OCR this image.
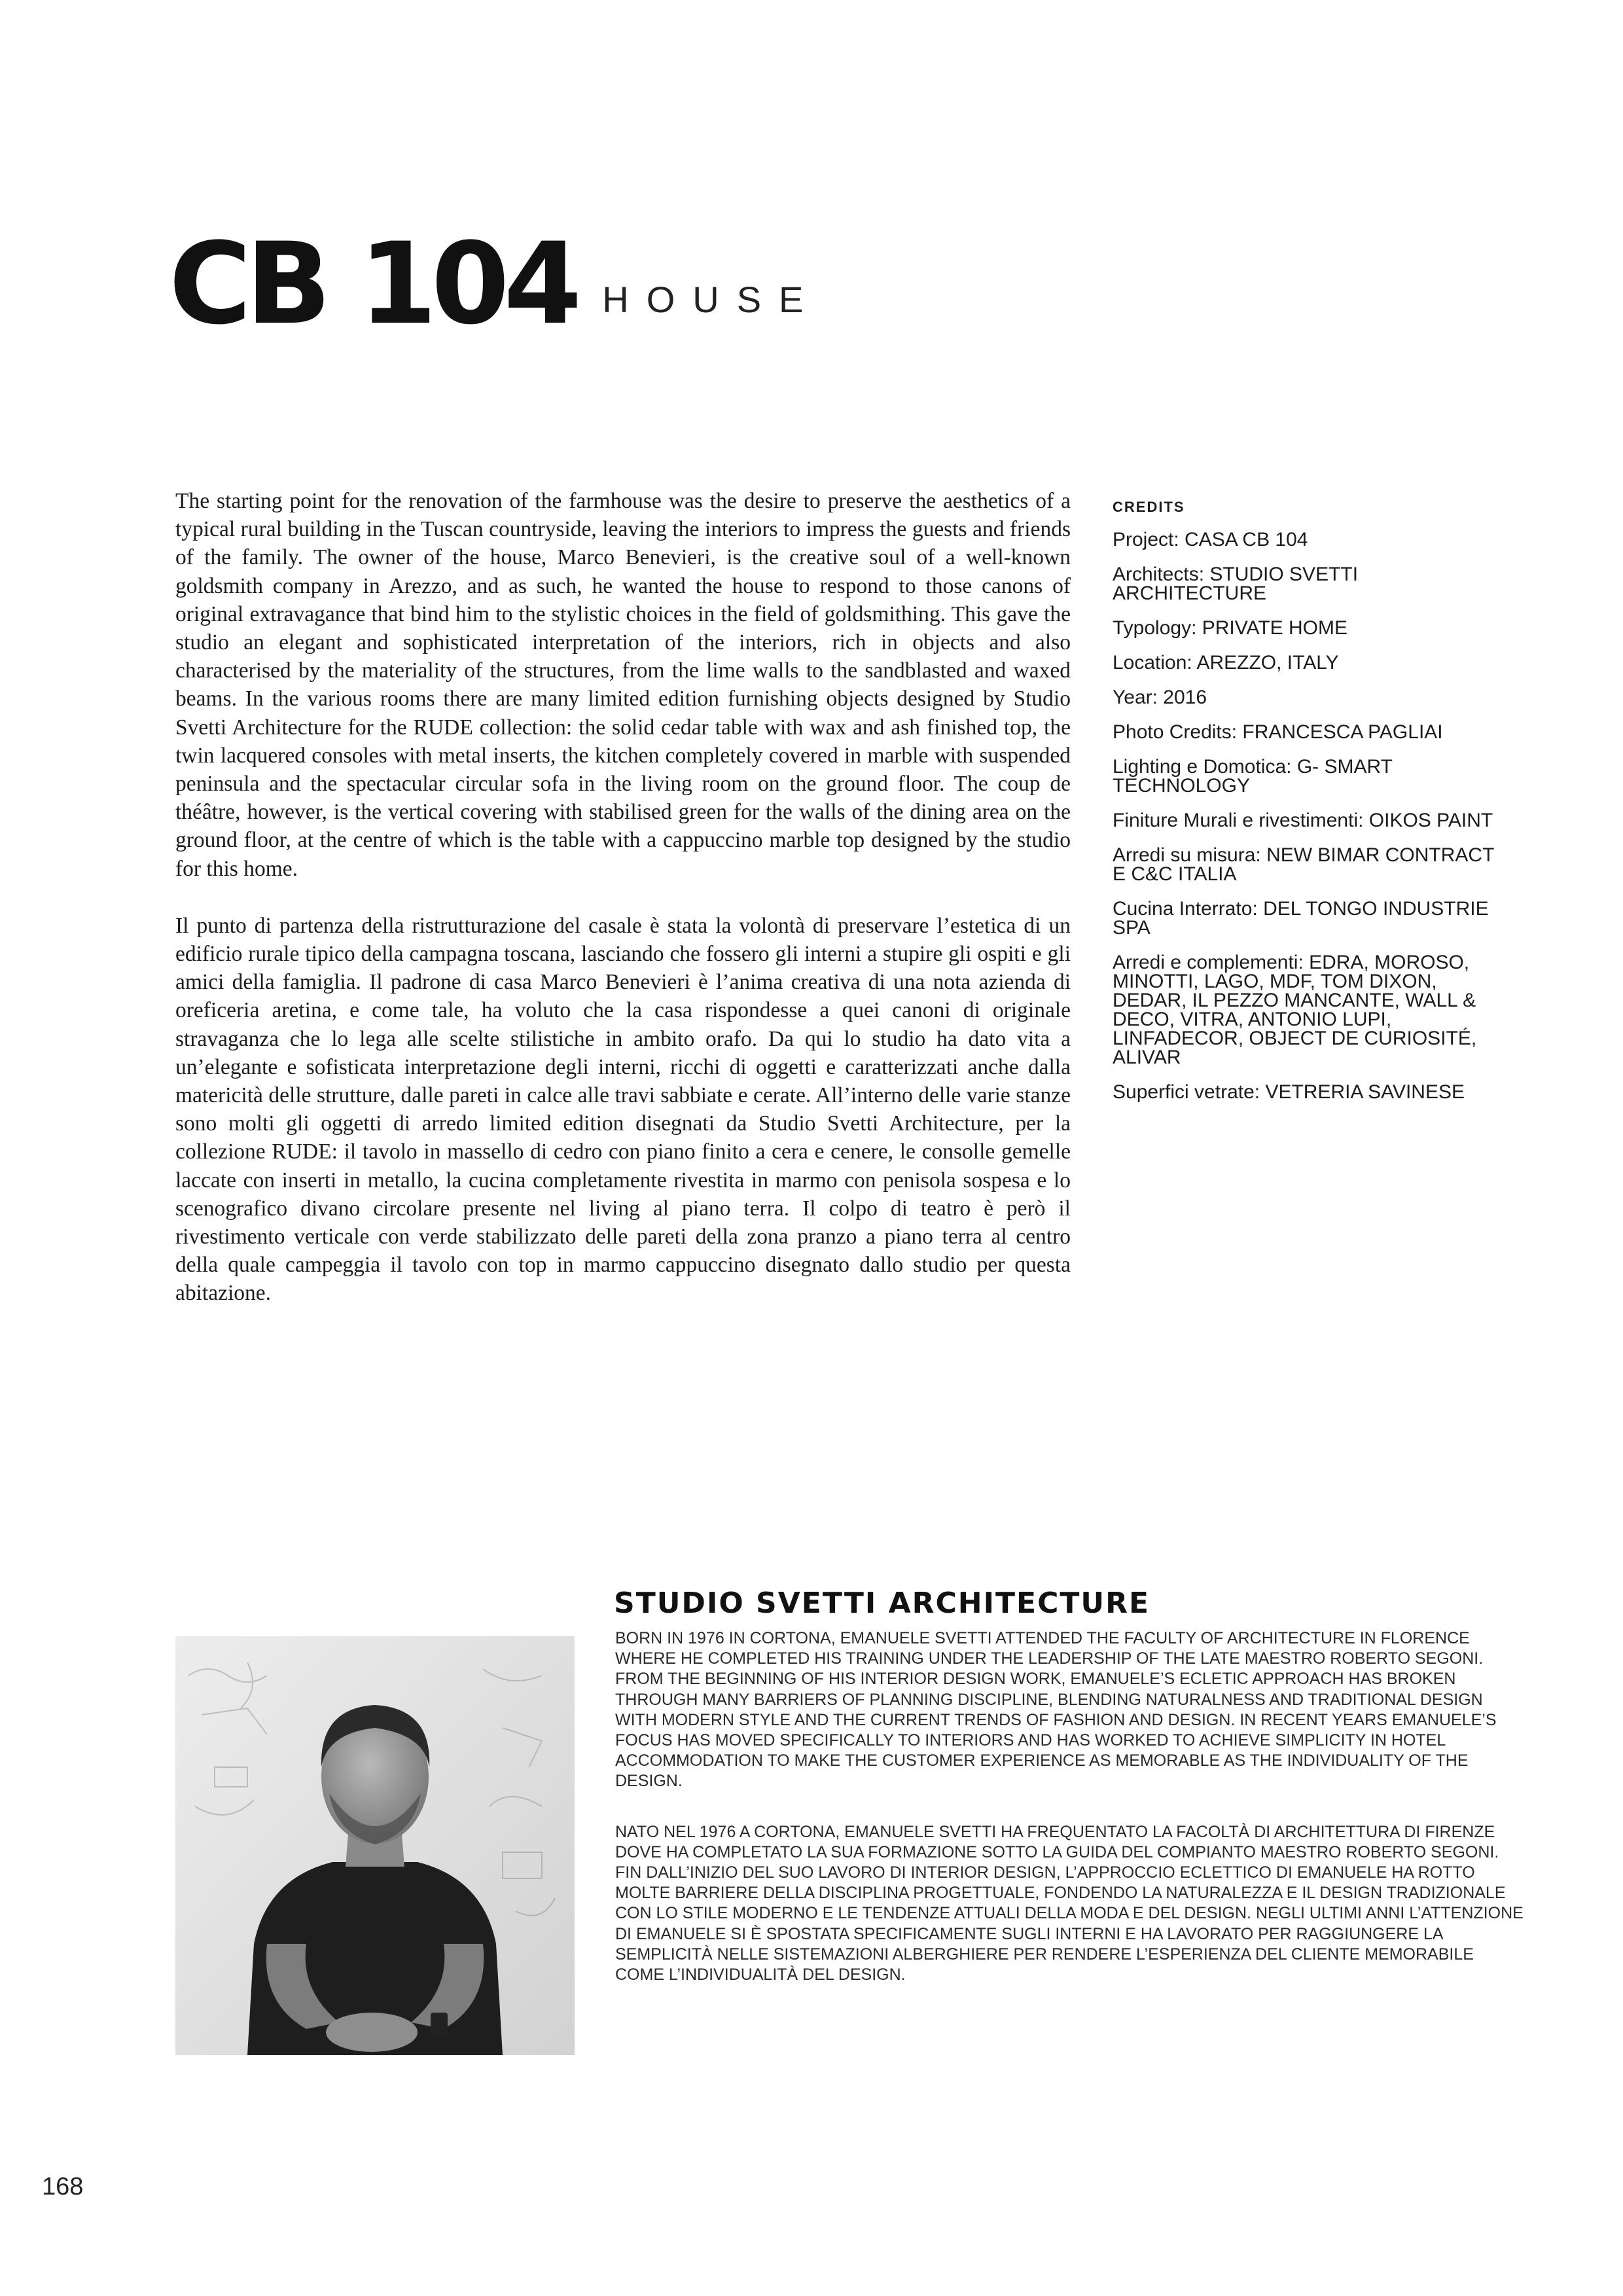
CB 104 HOUSE

The starting point for the renovation of the farmhouse was the desire to preserve the aesthetics of a typical rural building in the Tuscan countryside, leaving the interiors to impress the guests and friends of the family. The owner of the house, Marco Benevieri, is the creative soul of a well-known goldsmith company in Arezzo, and as such, he wanted the house to respond to those canons of original extravagance that bind him to the stylistic choices in the field of goldsmithing. This gave the studio an elegant and sophisticated interpretation of the interiors, rich in objects and also characterised by the materiality of the structures, from the lime walls to the sandblasted and waxed beams. In the various rooms there are many limited edition furnishing objects designed by Studio Svetti Architecture for the RUDE collection: the solid cedar table with wax and ash finished top, the twin lacquered consoles with metal inserts, the kitchen completely covered in marble with suspended peninsula and the spectacular circular sofa in the living room on the ground floor. The coup de théâtre, however, is the vertical covering with stabilised green for the walls of the dining area on the ground floor, at the centre of which is the table with a cappuccino marble top designed by the studio for this home.

Il punto di partenza della ristrutturazione del casale è stata la volontà di preservare l’estetica di un edificio rurale tipico della campagna toscana, lasciando che fossero gli interni a stupire gli ospiti e gli amici della famiglia. Il padrone di casa Marco Benevieri è l’anima creativa di una nota azienda di oreficeria aretina, e come tale, ha voluto che la casa rispondesse a quei canoni di originale stravaganza che lo lega alle scelte stilistiche in ambito orafo. Da qui lo studio ha dato vita a un’elegante e sofisticata interpretazione degli interni, ricchi di oggetti e caratterizzati anche dalla matericità delle strutture, dalle pareti in calce alle travi sabbiate e cerate. All’interno delle varie stanze sono molti gli oggetti di arredo limited edition disegnati da Studio Svetti Architecture, per la collezione RUDE: il tavolo in massello di cedro con piano finito a cera e cenere, le consolle gemelle laccate con inserti in metallo, la cucina completamente rivestita in marmo con penisola sospesa e lo scenografico divano circolare presente nel living al piano terra. Il colpo di teatro è però il rivestimento verticale con verde stabilizzato delle pareti della zona pranzo a piano terra al centro della quale campeggia il tavolo con top in marmo cappuccino disegnato dallo studio per questa abitazione.

CREDITS
Project: CASA CB 104
Architects: STUDIO SVETTI ARCHITECTURE
Typology: PRIVATE HOME
Location: AREZZO, ITALY
Year: 2016
Photo Credits: FRANCESCA PAGLIAI
Lighting e Domotica: G- SMART TECHNOLOGY
Finiture Murali e rivestimenti: OIKOS PAINT
Arredi su misura: NEW BIMAR CONTRACT E C&C ITALIA
Cucina Interrato: DEL TONGO INDUSTRIE SPA
Arredi e complementi: EDRA, MOROSO, MINOTTI, LAGO, MDF, TOM DIXON, DEDAR, IL PEZZO MANCANTE, WALL & DECO, VITRA, ANTONIO LUPI, LINFADECOR, OBJECT DE CURIOSITÉ, ALIVAR
Superfici vetrate: VETRERIA SAVINESE
STUDIO SVETTI ARCHITECTURE

BORN IN 1976 IN CORTONA, EMANUELE SVETTI ATTENDED THE FACULTY OF ARCHITECTURE IN FLORENCE WHERE HE COMPLETED HIS TRAINING UNDER THE LEADERSHIP OF THE LATE MAESTRO ROBERTO SEGONI. FROM THE BEGINNING OF HIS INTERIOR DESIGN WORK, EMANUELE’S ECLETIC APPROACH HAS BROKEN THROUGH MANY BARRIERS OF PLANNING DISCIPLINE, BLENDING NATURALNESS AND TRADITIONAL DESIGN WITH MODERN STYLE AND THE CURRENT TRENDS OF FASHION AND DESIGN. IN RECENT YEARS EMANUELE’S FOCUS HAS MOVED SPECIFICALLY TO INTERIORS AND HAS WORKED TO ACHIEVE SIMPLICITY IN HOTEL ACCOMMODATION TO MAKE THE CUSTOMER EXPERIENCE AS MEMORABLE AS THE INDIVIDUALITY OF THE DESIGN.

NATO NEL 1976 A CORTONA, EMANUELE SVETTI HA FREQUENTATO LA FACOLTÀ DI ARCHITETTURA DI FIRENZE DOVE HA COMPLETATO LA SUA FORMAZIONE SOTTO LA GUIDA DEL COMPIANTO MAESTRO ROBERTO SEGONI. FIN DALL’INIZIO DEL SUO LAVORO DI INTERIOR DESIGN, L’APPROCCIO ECLETTICO DI EMANUELE HA ROTTO MOLTE BARRIERE DELLA DISCIPLINA PROGETTUALE, FONDENDO LA NATURALEZZA E IL DESIGN TRADIZIONALE CON LO STILE MODERNO E LE TENDENZE ATTUALI DELLA MODA E DEL DESIGN. NEGLI ULTIMI ANNI L’ATTENZIONE DI EMANUELE SI È SPOSTATA SPECIFICAMENTE SUGLI INTERNI E HA LAVORATO PER RAGGIUNGERE LA SEMPLICITÀ NELLE SISTEMAZIONI ALBERGHIERE PER RENDERE L’ESPERIENZA DEL CLIENTE MEMORABILE COME L’INDIVIDUALITÀ DEL DESIGN.

168
